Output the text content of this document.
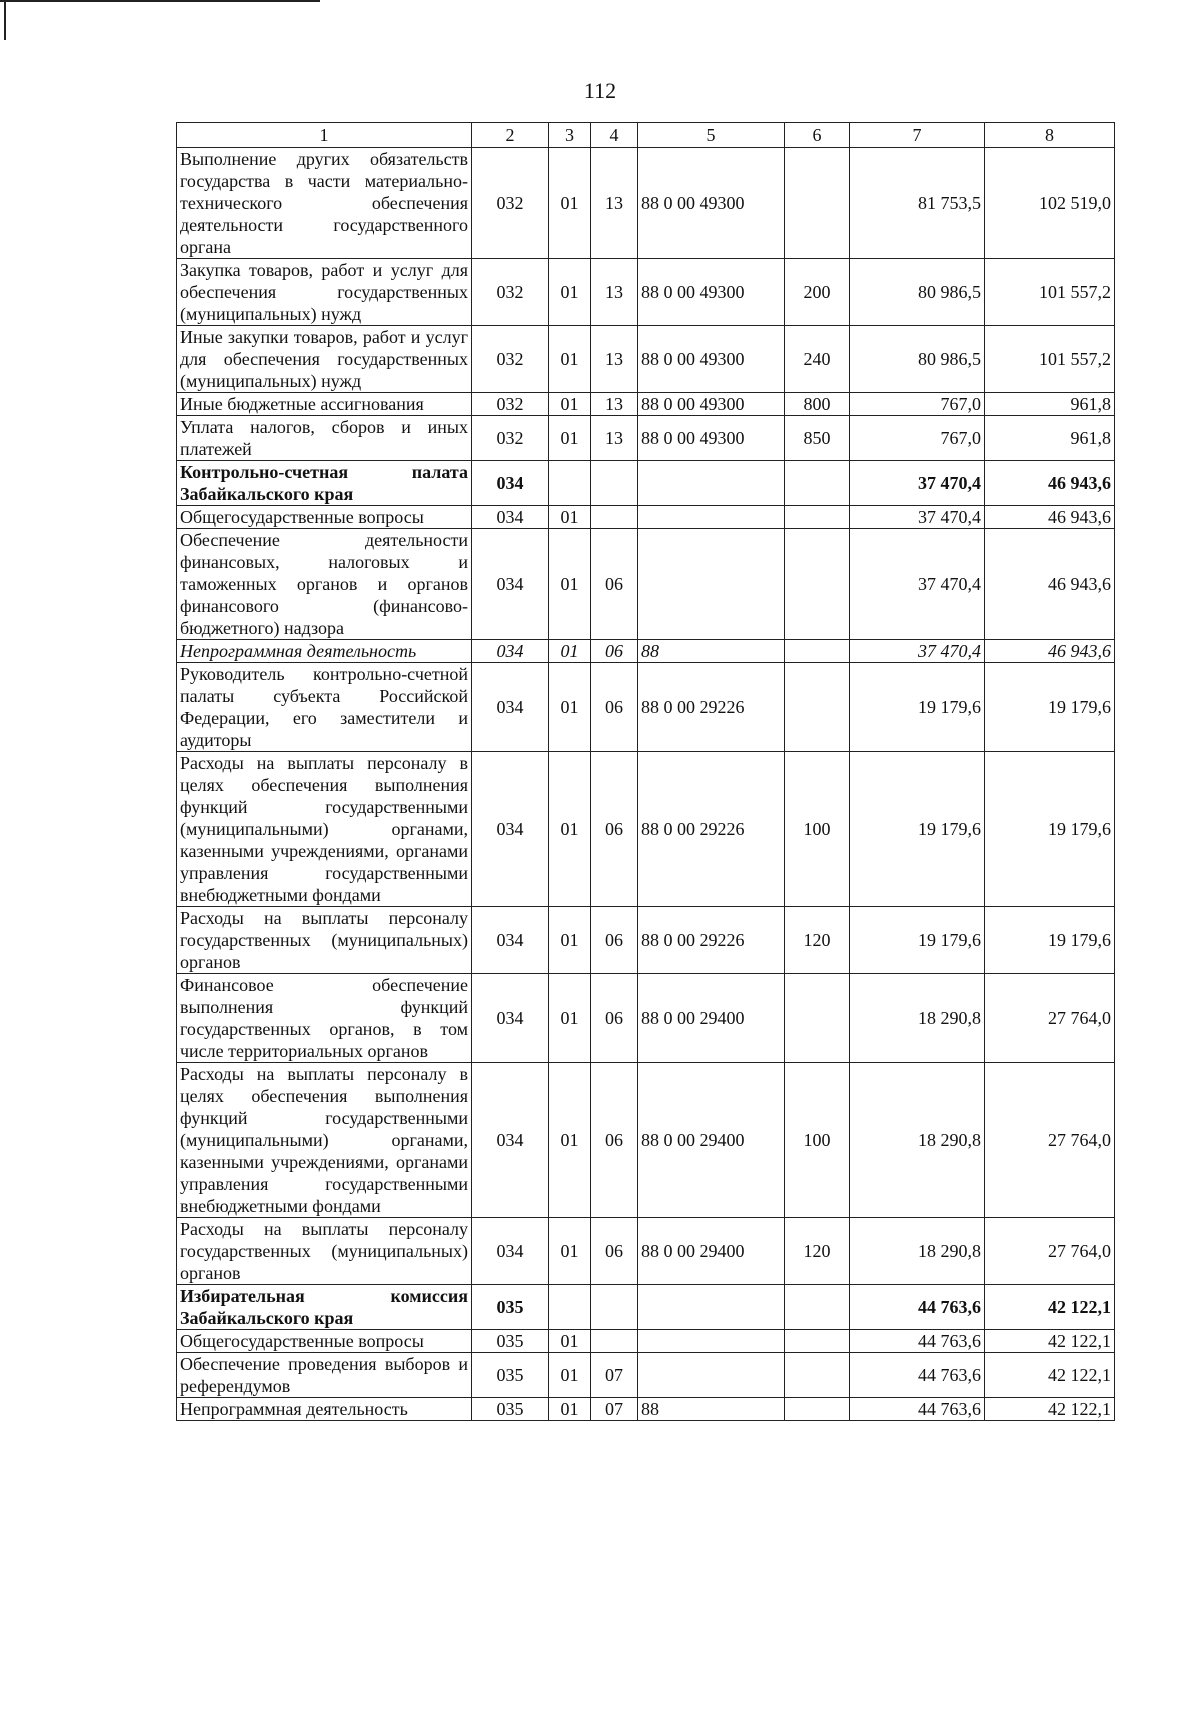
112
1	2	3	4	5	6	7	8
Выполнение других обязательств государства в части материально-технического обеспечения деятельности государственного органа	032	01	13	88 0 00 49300		81 753,5	102 519,0
Закупка товаров, работ и услуг для обеспечения государственных (муниципальных) нужд	032	01	13	88 0 00 49300	200	80 986,5	101 557,2
Иные закупки товаров, работ и услуг для обеспечения государственных (муниципальных) нужд	032	01	13	88 0 00 49300	240	80 986,5	101 557,2
Иные бюджетные ассигнования	032	01	13	88 0 00 49300	800	767,0	961,8
Уплата налогов, сборов и иных платежей	032	01	13	88 0 00 49300	850	767,0	961,8
Контрольно-счетная палата Забайкальского края	034					37 470,4	46 943,6
Общегосударственные вопросы	034	01				37 470,4	46 943,6
Обеспечение деятельности финансовых, налоговых и таможенных органов и органов финансового (финансово-бюджетного) надзора	034	01	06			37 470,4	46 943,6
Непрограммная деятельность	034	01	06	88		37 470,4	46 943,6
Руководитель контрольно-счетной палаты субъекта Российской Федерации, его заместители и аудиторы	034	01	06	88 0 00 29226		19 179,6	19 179,6
Расходы на выплаты персоналу в целях обеспечения выполнения функций государственными (муниципальными) органами, казенными учреждениями, органами управления государственными внебюджетными фондами	034	01	06	88 0 00 29226	100	19 179,6	19 179,6
Расходы на выплаты персоналу государственных (муниципальных) органов	034	01	06	88 0 00 29226	120	19 179,6	19 179,6
Финансовое обеспечение выполнения функций государственных органов, в том числе территориальных органов	034	01	06	88 0 00 29400		18 290,8	27 764,0
Расходы на выплаты персоналу в целях обеспечения выполнения функций государственными (муниципальными) органами, казенными учреждениями, органами управления государственными внебюджетными фондами	034	01	06	88 0 00 29400	100	18 290,8	27 764,0
Расходы на выплаты персоналу государственных (муниципальных) органов	034	01	06	88 0 00 29400	120	18 290,8	27 764,0
Избирательная комиссия Забайкальского края	035					44 763,6	42 122,1
Общегосударственные вопросы	035	01				44 763,6	42 122,1
Обеспечение проведения выборов и референдумов	035	01	07			44 763,6	42 122,1
Непрограммная деятельность	035	01	07	88		44 763,6	42 122,1
